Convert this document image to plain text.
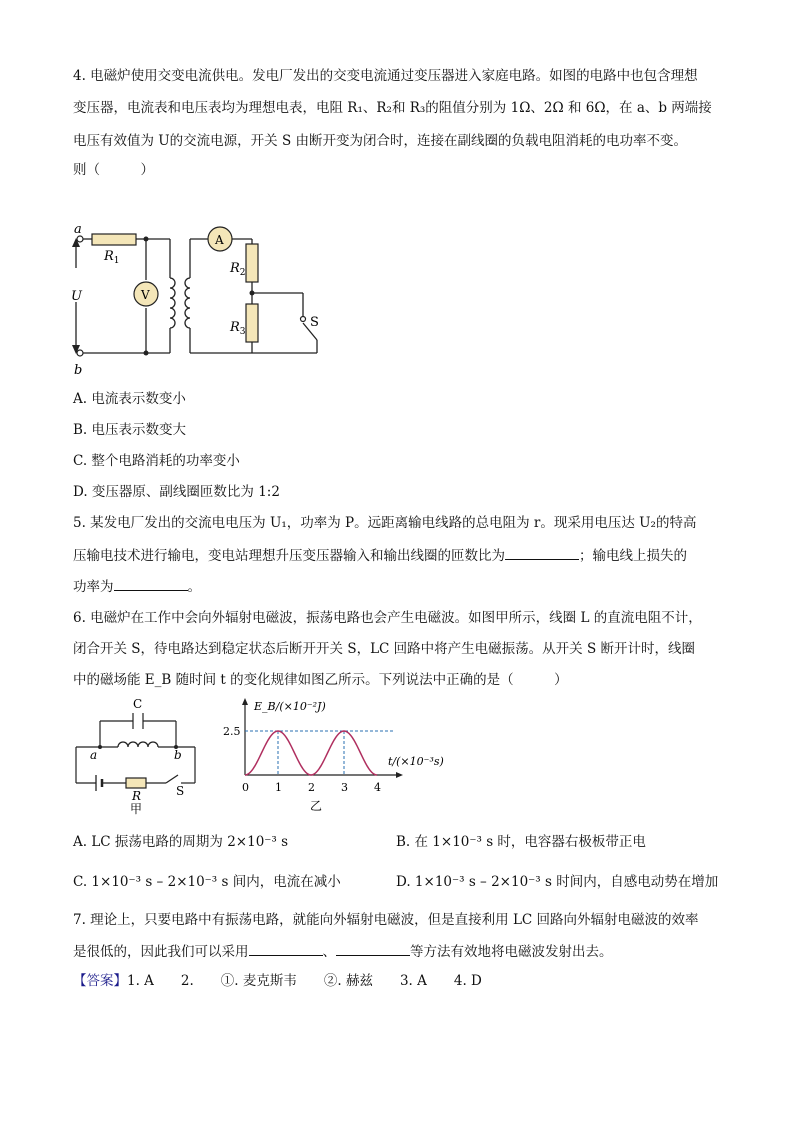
4. 电磁炉使用交变电流供电。发电厂发出的交变电流通过变压器进入家庭电路。如图的电路中也包含理想
变压器，电流表和电压表均为理想电表，电阻 R₁、R₂和 R₃的阻值分别为 1Ω、2Ω 和 6Ω，在 a、b 两端接
电压有效值为 U的交流电源，开关 S 由断开变为闭合时，连接在副线圈的负载电阻消耗的电功率不变。
则（　　　）
a
b
U
$R_1$
V
A
$R_2$
$R_3$
S
A. 电流表示数变小
B. 电压表示数变大
C. 整个电路消耗的功率变小
D. 变压器原、副线圈匝数比为 1:2
5. 某发电厂发出的交流电电压为 U₁，功率为 P。远距离输电线路的总电阻为 r。现采用电压达 U₂的特高
压输电技术进行输电，变电站理想升压变压器输入和输出线圈的匝数比为	；输电线上损失的
功率为	。
6. 电磁炉在工作中会向外辐射电磁波，振荡电路也会产生电磁波。如图甲所示，线圈 L 的直流电阻不计，
闭合开关 S，待电路达到稳定状态后断开开关 S，LC 回路中将产生电磁振荡。从开关 S 断开计时，线圈
中的磁场能 E_B 随时间 t 的变化规律如图乙所示。下列说法中正确的是（　　　）
C
a	b
R	S
甲
0 1 2 3 4
2.5
E_B/(×10⁻²J)
t/(×10⁻³s)
乙
A. LC 振荡电路的周期为 2×10⁻³ s	B. 在 1×10⁻³ s 时，电容器右极板带正电
C. 1×10⁻³ s – 2×10⁻³ s 间内，电流在减小	D. 1×10⁻³ s – 2×10⁻³ s 时间内，自感电动势在增加
7. 理论上，只要电路中有振荡电路，就能向外辐射电磁波，但是直接利用 LC 回路向外辐射电磁波的效率
是很低的，因此我们可以采用	、	等方法有效地将电磁波发射出去。
【答案】1. A　　2.　　①. 麦克斯韦　　②. 赫兹　　3. A　　4. D
